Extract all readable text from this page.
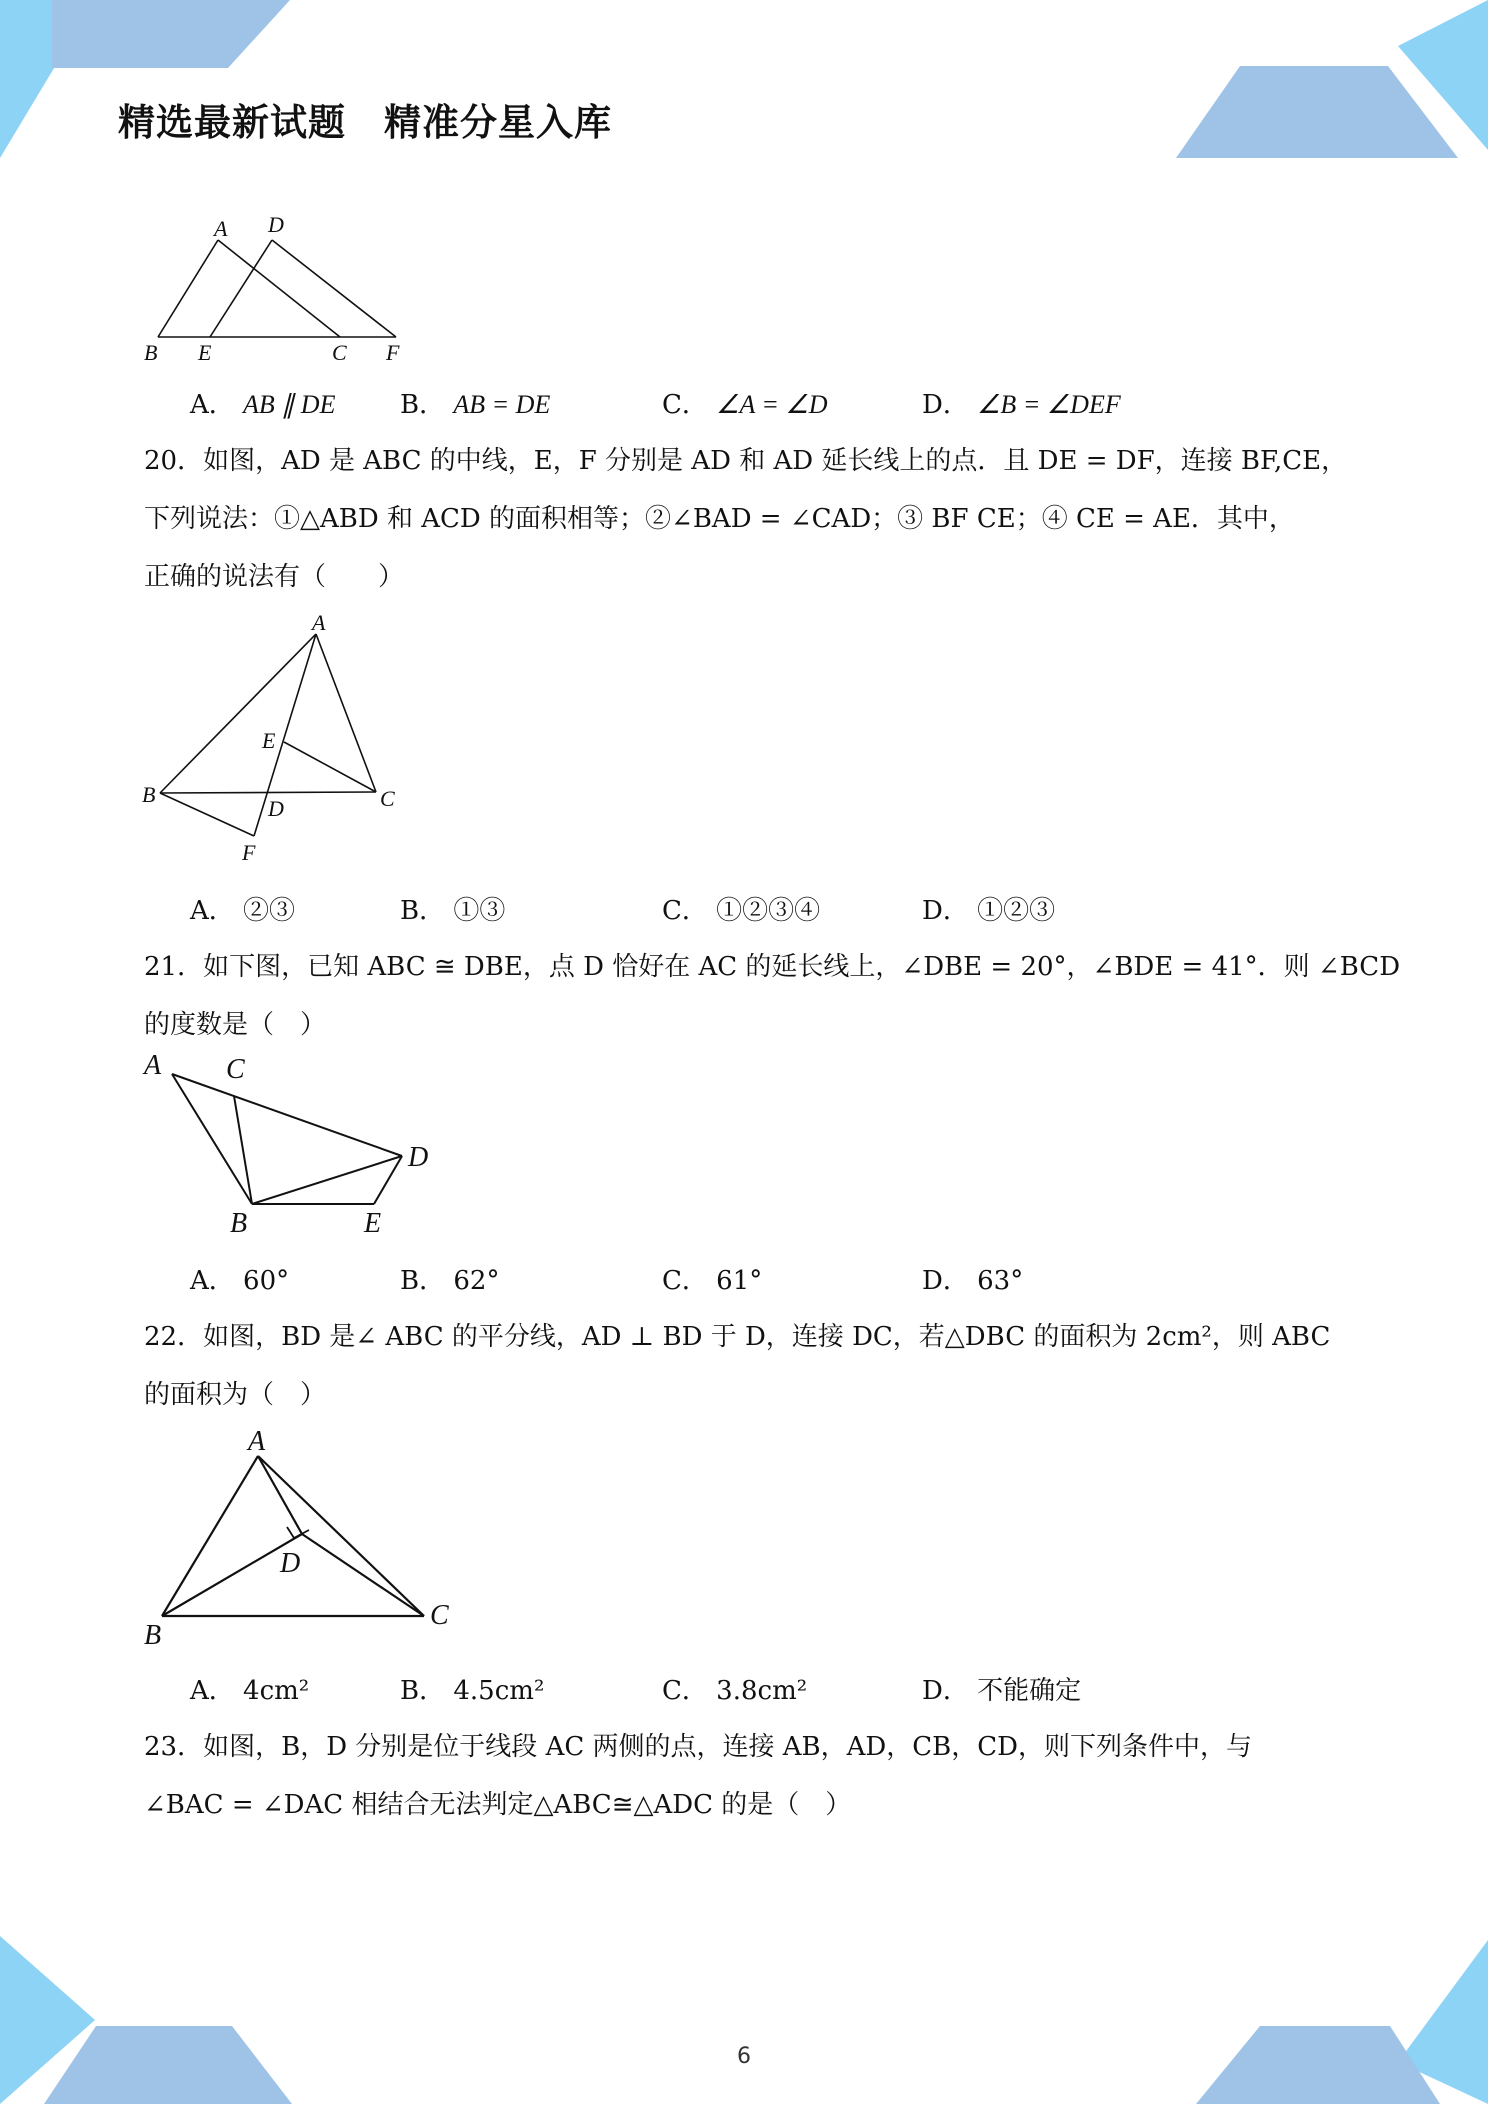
精选最新试题　精准分星入库
A D
B E	C F
A． AB ∥ DE B． AB = DE	C． ∠A = ∠D	D． ∠B = ∠DEF
20．如图，AD 是 ABC 的中线，E，F 分别是 AD 和 AD 延长线上的点．且 DE = DF，连接 BF,CE，
下列说法：①△ABD 和 ACD 的面积相等；②∠BAD = ∠CAD；③ BF CE；④ CE = AE．其中，
正确的说法有（　　）
A
E
B
D	C
F
A． ②③	B． ①③	C． ①②③④	D． ①②③
21．如下图，已知 ABC ≅ DBE，点 D 恰好在 AC 的延长线上，∠DBE = 20°，∠BDE = 41°．则 ∠BCD
的度数是（　）
A C
D
B	E
A． 60°	B． 62°	C． 61°	D． 63°
22．如图，BD 是∠ ABC 的平分线，AD ⊥ BD 于 D，连接 DC，若△DBC 的面积为 2cm²，则 ABC
的面积为（　）
A
D
B
C
A． 4cm²	B． 4.5cm²	C． 3.8cm²	D． 不能确定
23．如图，B，D 分别是位于线段 AC 两侧的点，连接 AB，AD，CB，CD，则下列条件中，与
∠BAC = ∠DAC 相结合无法判定△ABC≅△ADC 的是（　）
6
